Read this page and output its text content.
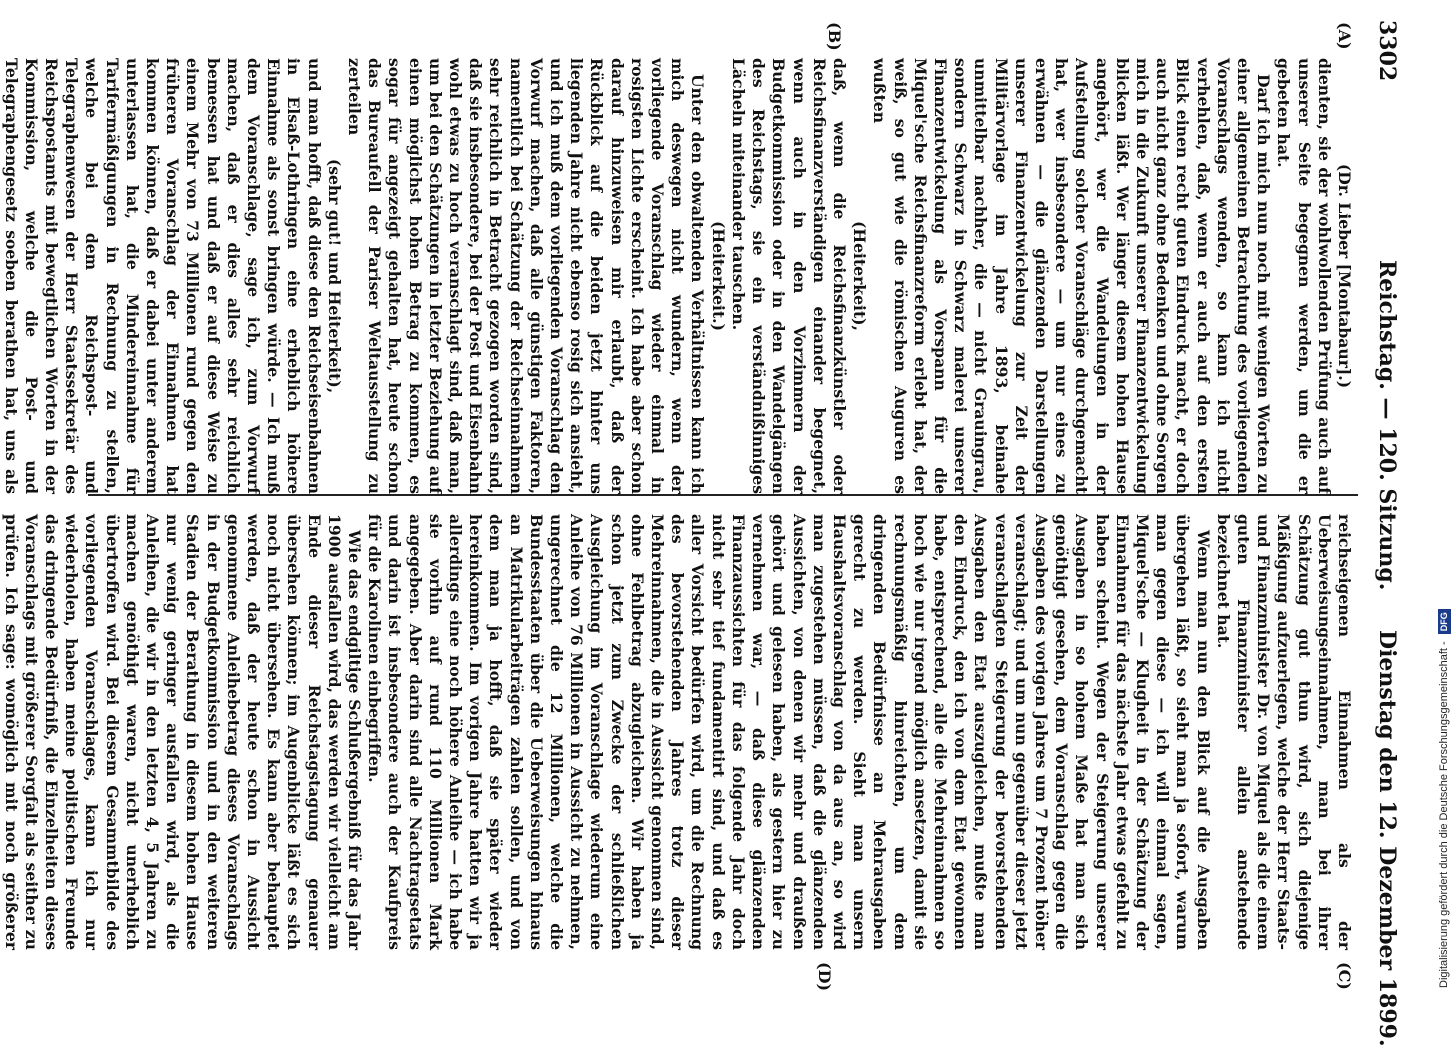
3302
Reichstag. — 120. Sitzung.
Dienstag den 12. Dezember 1899.
(A)
(B)
(C)
(D)

(Dr. Lieber [Montabaur].)

dienten, sie der wohlwollenden Prüfung auch auf unserer Seite begegnen werden, um die er gebeten hat.

Darf ich mich nun noch mit wenigen Worten zu einer allgemeinen Betrachtung des vorliegenden Voranschlags wenden, so kann ich nicht verhehlen, daß, wenn er auch auf den ersten Blick einen recht guten Eindruck macht, er doch auch nicht ganz ohne Bedenken und ohne Sorgen mich in die Zukunft unserer Finanzentwickelung blicken läßt. Wer länger diesem hohen Hause angehört, wer die Wandelungen in der Aufstellung solcher Voranschläge durchgemacht hat, wer insbesondere — um nur eines zu erwähnen — die glänzenden Darstellungen unserer Finanzentwickelung zur Zeit der Militärvorlage im Jahre 1893, beinahe unmittelbar nachher, die — nicht Grauingrau, sondern Schwarz in Schwarz malerei unserer Finanzentwickelung als Vorspann für die Miquel'sche Reichsfinanzreform erlebt hat, der weiß, so gut wie die römischen Auguren es wußten

(Heiterkeit),

daß, wenn die Reichsfinanzkünstler oder Reichsfinanzverständigen einander begegnet, wenn auch in den Vorzimmern der Budgetkommission oder in den Wandelgängen des Reichstags, sie ein verständnißinniges Lächeln miteinander tauschen.

(Heiterkeit.)

Unter den obwaltenden Verhältnissen kann ich mich deswegen nicht wundern, wenn der vorliegende Voranschlag wieder einmal in rosigsten Lichte erscheint. Ich habe aber schon darauf hinzuweisen mir erlaubt, daß der Rückblick auf die beiden jetzt hinter uns liegenden Jahre nicht ebenso rosig sich ansieht, und ich muß dem vorliegenden Voranschlag den Vorwurf machen, daß alle günstigen Faktoren, namentlich bei Schätzung der Reichseinnahmen sehr reichlich in Betracht gezogen worden sind, daß sie insbesondere, bei der Post und Eisenbahn wohl etwas zu hoch veranschlagt sind, daß man, um bei den Schätzungen in letzter Beziehung auf einen möglichst hohen Betrag zu kommen, es sogar für angezeigt gehalten hat, heute schon das Bureaufell der Pariser Weltausstellung zu zerteilen

(sehr gut! und Heiterkeit),

und man hofft, daß diese den Reichseisenbahnen in Elsaß-Lothringen eine erheblich höhere Einnahme als sonst bringen würde. — Ich muß dem Voranschlage, sage ich, zum Vorwurf machen, daß er dies alles sehr reichlich bemessen hat und daß er auf diese Weise zu einem Mehr von 73 Millionen rund gegen den früheren Voranschlag der Einnahmen hat kommen können, daß er dabei unter anderem unterlassen hat, die Mindereinnahme für Tarifermäßigungen in Rechnung zu stellen, welche bei dem Reichspost- und Telegraphenwesen der Herr Staatssekretär des Reichspostamts mit bewegtlichen Worten in der Kommission, welche die Post- und Telegraphengesetz soeben berathen hat, uns als

reichseigenen Einnahmen als der Ueberweisungseinnahmen, man bei ihrer Schätzung gut thun wird, sich diejenige Mäßigung aufzuerlegen, welche der Herr Staats- und Finanzminister Dr. von Miquel als die einem guten Finanzminister allein anstehende bezeichnet hat.

Wenn man nun den Blick auf die Ausgaben übergehen läßt, so sieht man ja sofort, warum man gegen diese — ich will einmal sagen, Miquel'sche — Klugheit in der Schätzung der Einnahmen für das nächste Jahr etwas gefehlt zu haben scheint. Wegen der Steigerung unserer Ausgaben in so hohem Maße hat man sich genöthigt gesehen, dem Voranschlag gegen die Ausgaben des vorigen Jahres um 7 Prozent höher veranschlagt; und um nun gegenüber dieser jetzt veranschlagten Steigerung der bevorstehenden Ausgaben den Etat auszugleichen, mußte man den Eindruck, den ich von dem Etat gewonnen habe, entsprechend, alle die Mehreinnahmen so hoch wie nur irgend möglich ansetzen, damit sie rechnungsmäßig hinreichten, um dem dringenden Bedürfnisse an Mehrausgaben gerecht zu werden. Sieht man unsern Haushaltsvoranschlag von da aus an, so wird man zugestehen müssen, daß die glänzenden Aussichten, von denen wir mehr und draußen gehört und gelesen haben, als gestern hier zu vernehmen war, — daß diese glänzenden Finanzaussichten für das folgende Jahr doch nicht sehr tief fundamentirt sind, und daß es aller Vorsicht bedürfen wird, um die Rechnung des bevorstehenden Jahres trotz dieser Mehreinnahmen, die in Aussicht genommen sind, ohne Fehlbetrag abzugleichen. Wir haben ja schon jetzt zum Zwecke der schließlichen Ausgleichung im Voranschlage wiederum eine Anleihe von 76 Millionen in Aussicht zu nehmen, ungerechnet die 12 Millionen, welche die Bundesstaaten über die Ueberweisungen hinaus an Matrikularbeiträgen zahlen sollen, und von dem man ja hofft, daß sie später wieder hereinkommen. Im vorigen Jahre hatten wir ja allerdings eine noch höhere Anleihe — ich habe sie vorhin auf rund 110 Millionen Mark angegeben. Aber darin sind alle Nachtragsetats und darin ist insbesondere auch der Kaufpreis für die Karolinen einbegriffen.

Wie das endgiltige Schlußergebniß für das Jahr 1900 ausfallen wird, das werden wir vielleicht am Ende dieser Reichstagstagung genauer übersehen können; im Augenblicke läßt es sich noch nicht übersehen. Es kann aber behauptet werden, daß der heute schon in Aussicht genommene Anleihebetrag dieses Voranschlags in der Budgetkommission und in den weiteren Stadien der Berathung in diesem hohen Hause nur wenig geringer ausfallen wird, als die Anleihen, die wir in den letzten 4, 5 Jahren zu machen genöthigt waren, nicht unerheblich übertroffen wird. Bei diesem Gesammtbilde des vorliegenden Voranschlages, kann ich nur wiederholen, haben meine politischen Freunde das dringende Bedürfniß, die Einzelheiten dieses Voranschlags mit größerer Sorgfalt als seither zu prüfen. Ich sage: womöglich mit noch größerer	Digitalisierung gefördert durch die Deutsche Forschungsgemeinschaft - DFG
